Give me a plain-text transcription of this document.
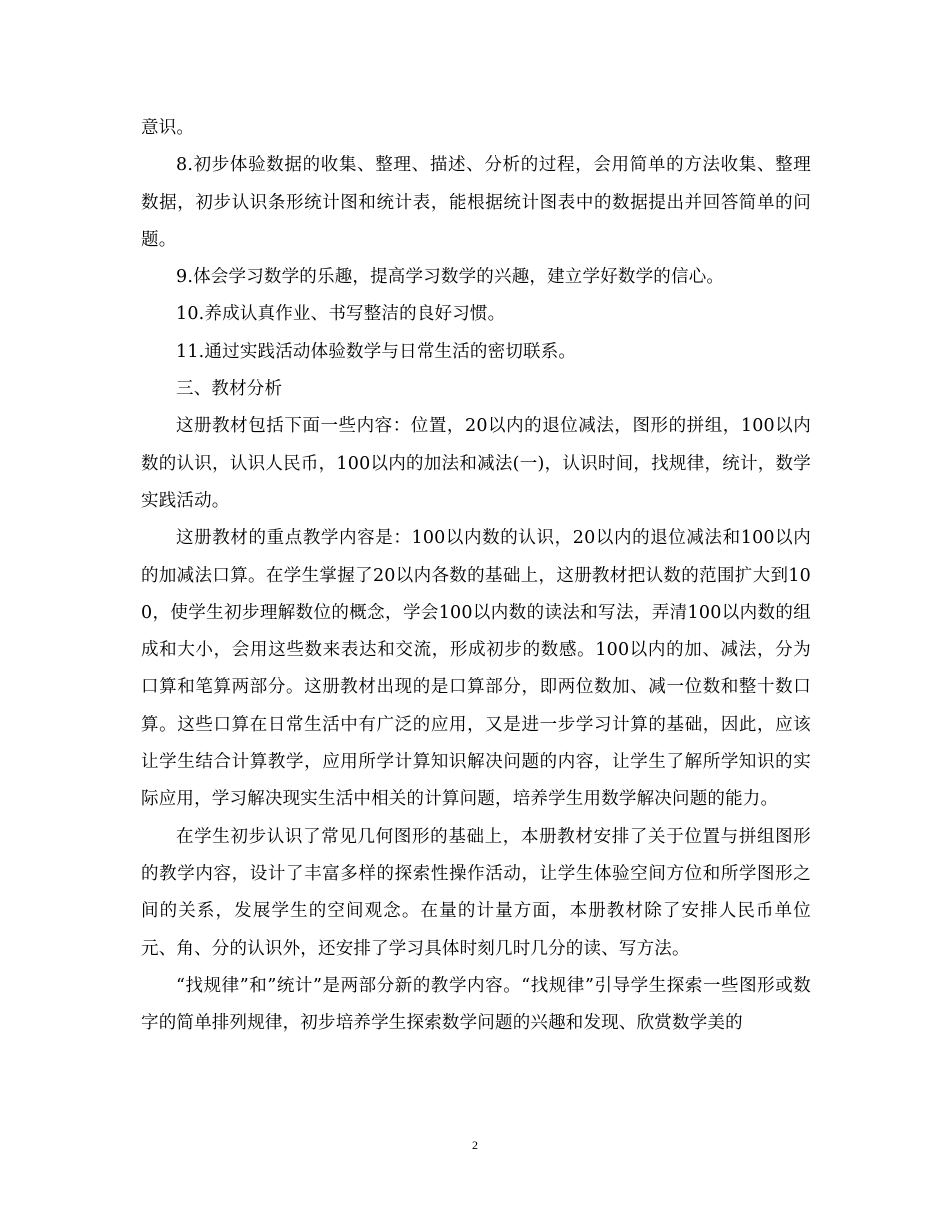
意识。

8.初步体验数据的收集、整理、描述、分析的过程，会用简单的方法收集、整理数据，初步认识条形统计图和统计表，能根据统计图表中的数据提出并回答简单的问题。

9.体会学习数学的乐趣，提高学习数学的兴趣，建立学好数学的信心。

10.养成认真作业、书写整洁的良好习惯。

11.通过实践活动体验数学与日常生活的密切联系。

三、教材分析

这册教材包括下面一些内容：位置，20以内的退位减法，图形的拼组，100以内数的认识，认识人民币，100以内的加法和减法(一)，认识时间，找规律，统计，数学实践活动。

这册教材的重点教学内容是：100以内数的认识，20以内的退位减法和100以内的加减法口算。在学生掌握了20以内各数的基础上，这册教材把认数的范围扩大到100，使学生初步理解数位的概念，学会100以内数的读法和写法，弄清100以内数的组成和大小，会用这些数来表达和交流，形成初步的数感。100以内的加、减法，分为口算和笔算两部分。这册教材出现的是口算部分，即两位数加、减一位数和整十数口算。这些口算在日常生活中有广泛的应用，又是进一步学习计算的基础，因此，应该让学生结合计算教学，应用所学计算知识解决问题的内容，让学生了解所学知识的实际应用，学习解决现实生活中相关的计算问题，培养学生用数学解决问题的能力。

在学生初步认识了常见几何图形的基础上，本册教材安排了关于位置与拼组图形的教学内容，设计了丰富多样的探索性操作活动，让学生体验空间方位和所学图形之间的关系，发展学生的空间观念。在量的计量方面，本册教材除了安排人民币单位元、角、分的认识外，还安排了学习具体时刻几时几分的读、写方法。

“找规律”和”统计”是两部分新的教学内容。“找规律”引导学生探索一些图形或数字的简单排列规律，初步培养学生探索数学问题的兴趣和发现、欣赏数学美的

2
